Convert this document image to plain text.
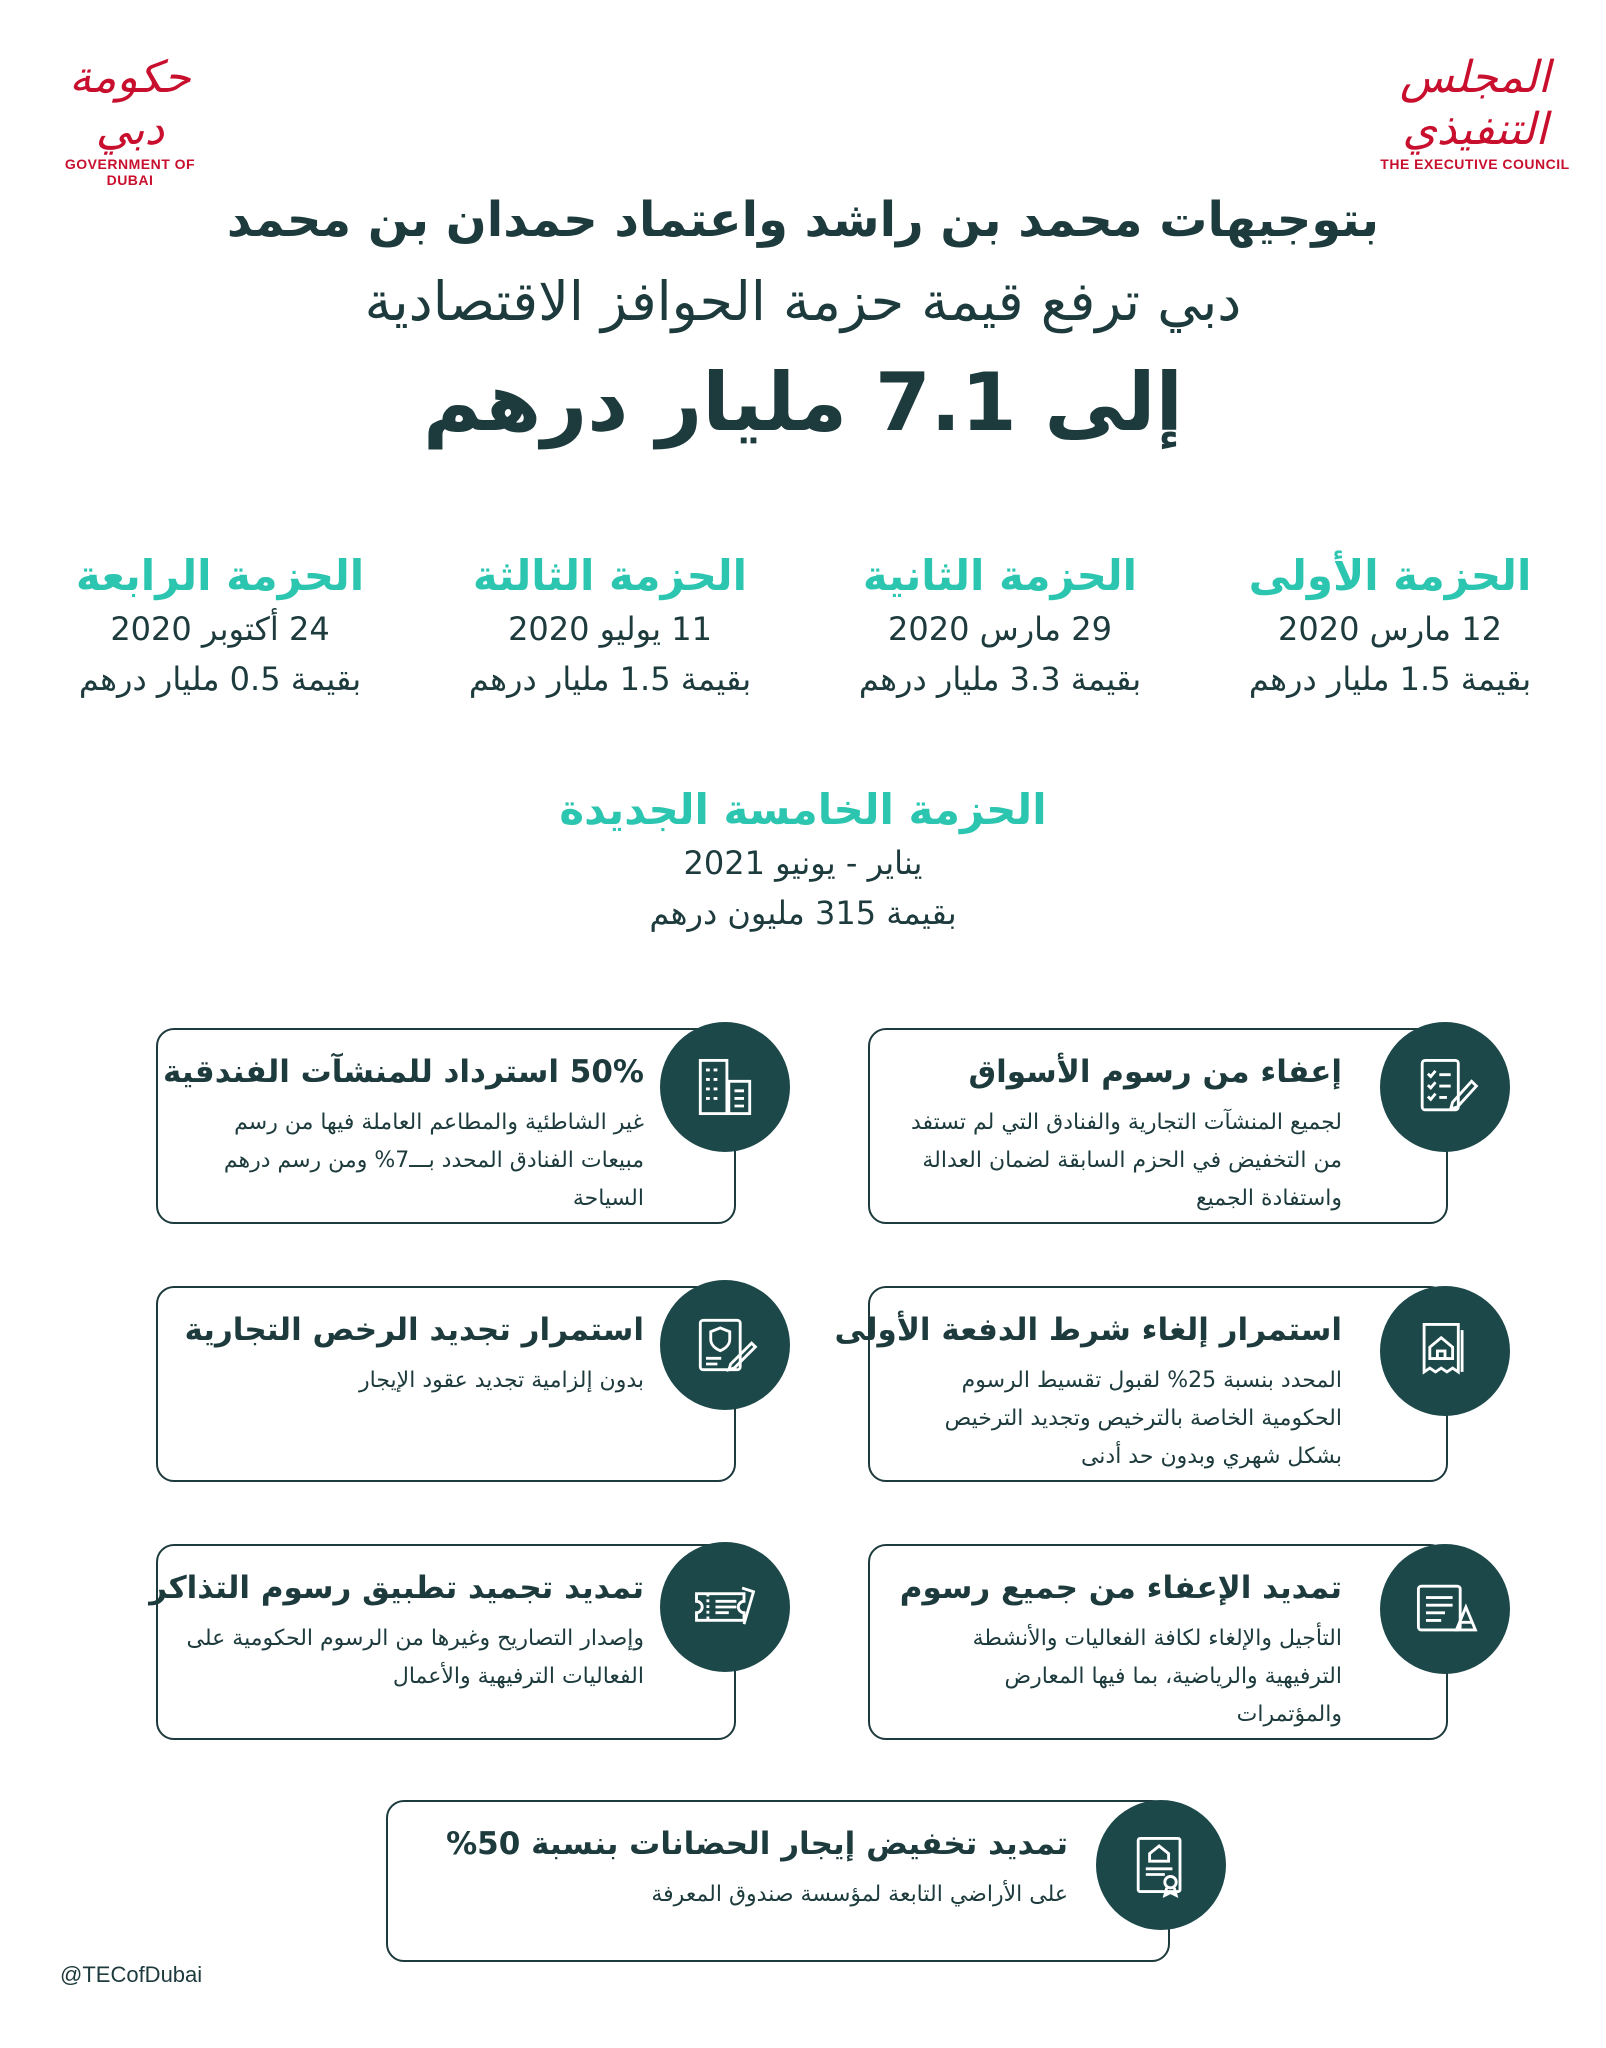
حكومة دبي
GOVERNMENT OF DUBAI
المجلس التنفيذي
THE EXECUTIVE COUNCIL
بتوجيهات محمد بن راشد واعتماد حمدان بن محمد
دبي ترفع قيمة حزمة الحوافز الاقتصادية
إلى 7.1 مليار درهم
الحزمة الأولى
12 مارس 2020
بقيمة 1.5 مليار درهم
الحزمة الثانية
29 مارس 2020
بقيمة 3.3 مليار درهم
الحزمة الثالثة
11 يوليو 2020
بقيمة 1.5 مليار درهم
الحزمة الرابعة
24 أكتوبر 2020
بقيمة 0.5 مليار درهم
الحزمة الخامسة الجديدة
يناير - يونيو 2021
بقيمة 315 مليون درهم
إعفاء من رسوم الأسواق
لجميع المنشآت التجارية والفنادق التي لم تستفد من التخفيض في الحزم السابقة لضمان العدالة واستفادة الجميع
50% استرداد للمنشآت الفندقية
غير الشاطئية والمطاعم العاملة فيها من رسم مبيعات الفنادق المحدد بـــ7% ومن رسم درهم السياحة
استمرار إلغاء شرط الدفعة الأولى
المحدد بنسبة 25% لقبول تقسيط الرسوم الحكومية الخاصة بالترخيص وتجديد الترخيص بشكل شهري وبدون حد أدنى
استمرار تجديد الرخص التجارية
بدون إلزامية تجديد عقود الإيجار
تمديد الإعفاء من جميع رسوم
التأجيل والإلغاء لكافة الفعاليات والأنشطة الترفيهية والرياضية، بما فيها المعارض والمؤتمرات
تمديد تجميد تطبيق رسوم التذاكر
وإصدار التصاريح وغيرها من الرسوم الحكومية على الفعاليات الترفيهية والأعمال
تمديد تخفيض إيجار الحضانات بنسبة 50%
على الأراضي التابعة لمؤسسة صندوق المعرفة
@TECofDubai
